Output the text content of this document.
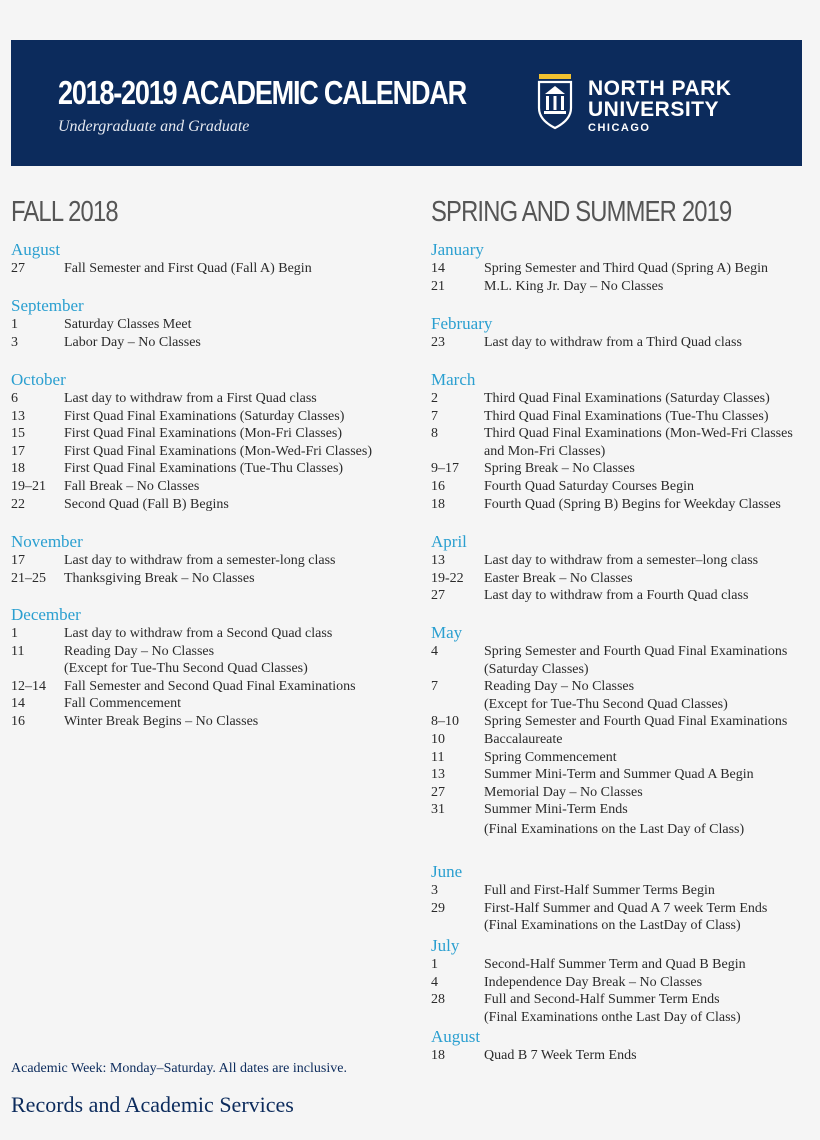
2018-2019 ACADEMIC CALENDAR
Undergraduate and Graduate
NORTH PARK
UNIVERSITY
CHICAGO
FALL 2018	SPRING AND SUMMER 2019
August
27	Fall Semester and First Quad (Fall A) Begin
September
1	Saturday Classes Meet
3	Labor Day – No Classes
October
6	Last day to withdraw from a First Quad class
13	First Quad Final Examinations (Saturday Classes)
15	First Quad Final Examinations (Mon-Fri Classes)
17	First Quad Final Examinations (Mon-Wed-Fri Classes)
18	First Quad Final Examinations (Tue-Thu Classes)
19–21 Fall Break – No Classes
22	Second Quad (Fall B) Begins
November
17	Last day to withdraw from a semester-long class
21–25 Thanksgiving Break – No Classes
December
1	Last day to withdraw from a Second Quad class
11	Reading Day – No Classes
(Except for Tue-Thu Second Quad Classes)
12–14 Fall Semester and Second Quad Final Examinations
14	Fall Commencement
16	Winter Break Begins – No Classes
January
14	Spring Semester and Third Quad (Spring A) Begin
21	M.L. King Jr. Day – No Classes
February
23	Last day to withdraw from a Third Quad class
March
2	Third Quad Final Examinations (Saturday Classes)
7	Third Quad Final Examinations (Tue-Thu Classes)
8	Third Quad Final Examinations (Mon-Wed-Fri Classes
and Mon-Fri Classes)
9–17 Spring Break – No Classes
16	Fourth Quad Saturday Courses Begin
18	Fourth Quad (Spring B) Begins for Weekday Classes
April
13	Last day to withdraw from a semester–long class
19-22 Easter Break – No Classes
27	Last day to withdraw from a Fourth Quad class
May
4	Spring Semester and Fourth Quad Final Examinations
(Saturday Classes)
7	Reading Day – No Classes
(Except for Tue-Thu Second Quad Classes)
8–10 Spring Semester and Fourth Quad Final Examinations
10	Baccalaureate
11	Spring Commencement
13	Summer Mini-Term and Summer Quad A Begin
27	Memorial Day – No Classes
31	Summer Mini-Term Ends
(Final Examinations on the Last Day of Class)
June
3	Full and First-Half Summer Terms Begin
29	First-Half Summer and Quad A 7 week Term Ends
(Final Examinations on the LastDay of Class)
July
1	Second-Half Summer Term and Quad B Begin
4	Independence Day Break – No Classes
28	Full and Second-Half Summer Term Ends
(Final Examinations onthe Last Day of Class)
August
18	Quad B 7 Week Term Ends
Academic Week: Monday–Saturday. All dates are inclusive.
Records and Academic Services
